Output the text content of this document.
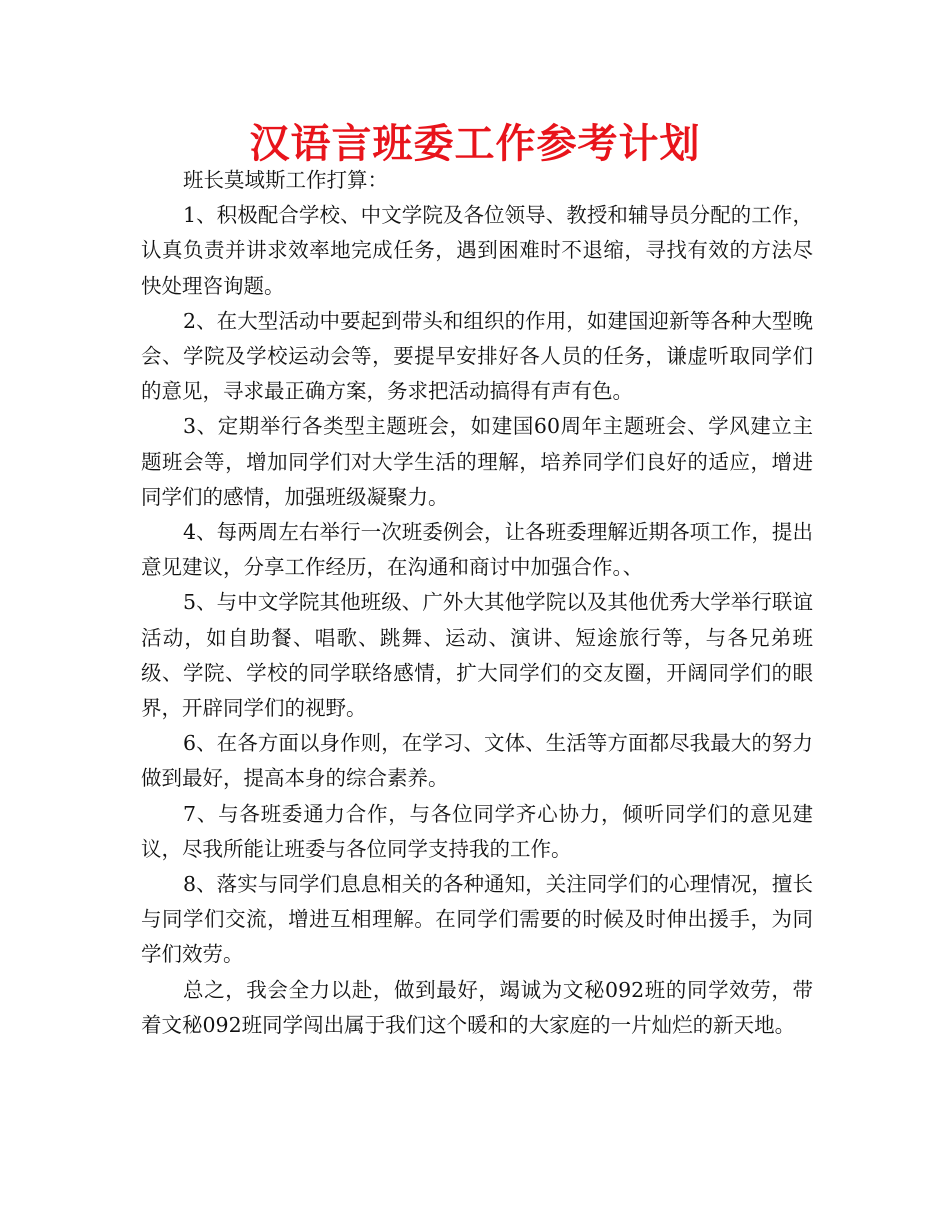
汉语言班委工作参考计划

班长莫域斯工作打算：

1、积极配合学校、中文学院及各位领导、教授和辅导员分配的工作，认真负责并讲求效率地完成任务，遇到困难时不退缩，寻找有效的方法尽快处理咨询题。

2、在大型活动中要起到带头和组织的作用，如建国迎新等各种大型晚会、学院及学校运动会等，要提早安排好各人员的任务，谦虚听取同学们的意见，寻求最正确方案，务求把活动搞得有声有色。

3、定期举行各类型主题班会，如建国60周年主题班会、学风建立主题班会等，增加同学们对大学生活的理解，培养同学们良好的适应，增进同学们的感情，加强班级凝聚力。

4、每两周左右举行一次班委例会，让各班委理解近期各项工作，提出意见建议，分享工作经历，在沟通和商讨中加强合作。、

5、与中文学院其他班级、广外大其他学院以及其他优秀大学举行联谊活动，如自助餐、唱歌、跳舞、运动、演讲、短途旅行等，与各兄弟班级、学院、学校的同学联络感情，扩大同学们的交友圈，开阔同学们的眼界，开辟同学们的视野。

6、在各方面以身作则，在学习、文体、生活等方面都尽我最大的努力做到最好，提高本身的综合素养。

7、与各班委通力合作，与各位同学齐心协力，倾听同学们的意见建议，尽我所能让班委与各位同学支持我的工作。

8、落实与同学们息息相关的各种通知，关注同学们的心理情况，擅长与同学们交流，增进互相理解。在同学们需要的时候及时伸出援手，为同学们效劳。

总之，我会全力以赴，做到最好，竭诚为文秘092班的同学效劳，带着文秘092班同学闯出属于我们这个暖和的大家庭的一片灿烂的新天地。
